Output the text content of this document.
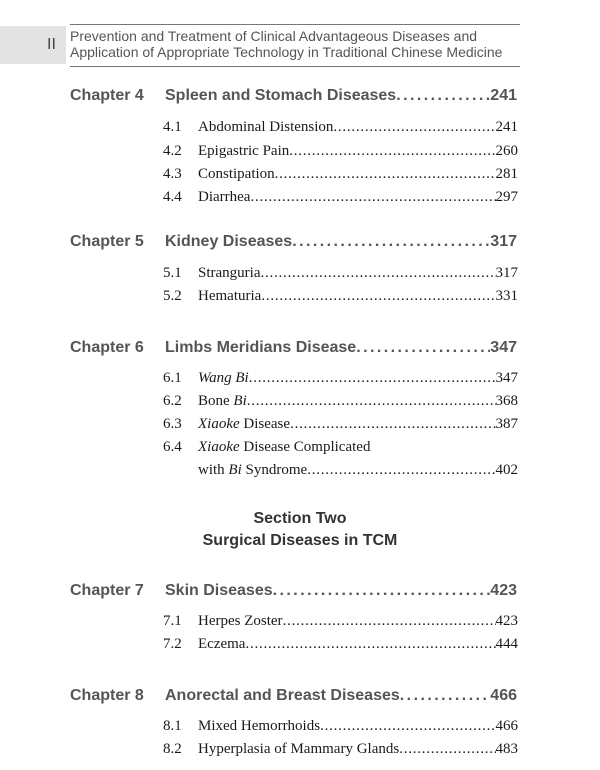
II	Prevention and Treatment of Clinical Advantageous Diseases and
Application of Appropriate Technology in Traditional Chinese Medicine
Chapter 4 Spleen and Stomach Diseases . . .	241
4.1 Abdominal Distension . . .	241
4.2 Epigastric Pain . . .	260
4.3 Constipation . . .	281
4.4 Diarrhea . . .	297
Chapter 5 Kidney Diseases . . .	317
5.1 Stranguria . . .	317
5.2 Hematuria . . .	331
Chapter 6 Limbs Meridians Disease . . .	347
6.1 Wang Bi . . .	347
6.2 Bone Bi . . .	368
6.3 Xiaoke Disease . . .	387
6.4 Xiaoke Disease Complicated
with Bi Syndrome . . .	402
Section Two
Surgical Diseases in TCM
Chapter 7 Skin Diseases . . .	423
7.1 Herpes Zoster . . .	423
7.2 Eczema . . .	444
Chapter 8 Anorectal and Breast Diseases . . .	466
8.1 Mixed Hemorrhoids . . .	466
8.2 Hyperplasia of Mammary Glands . . .	483
